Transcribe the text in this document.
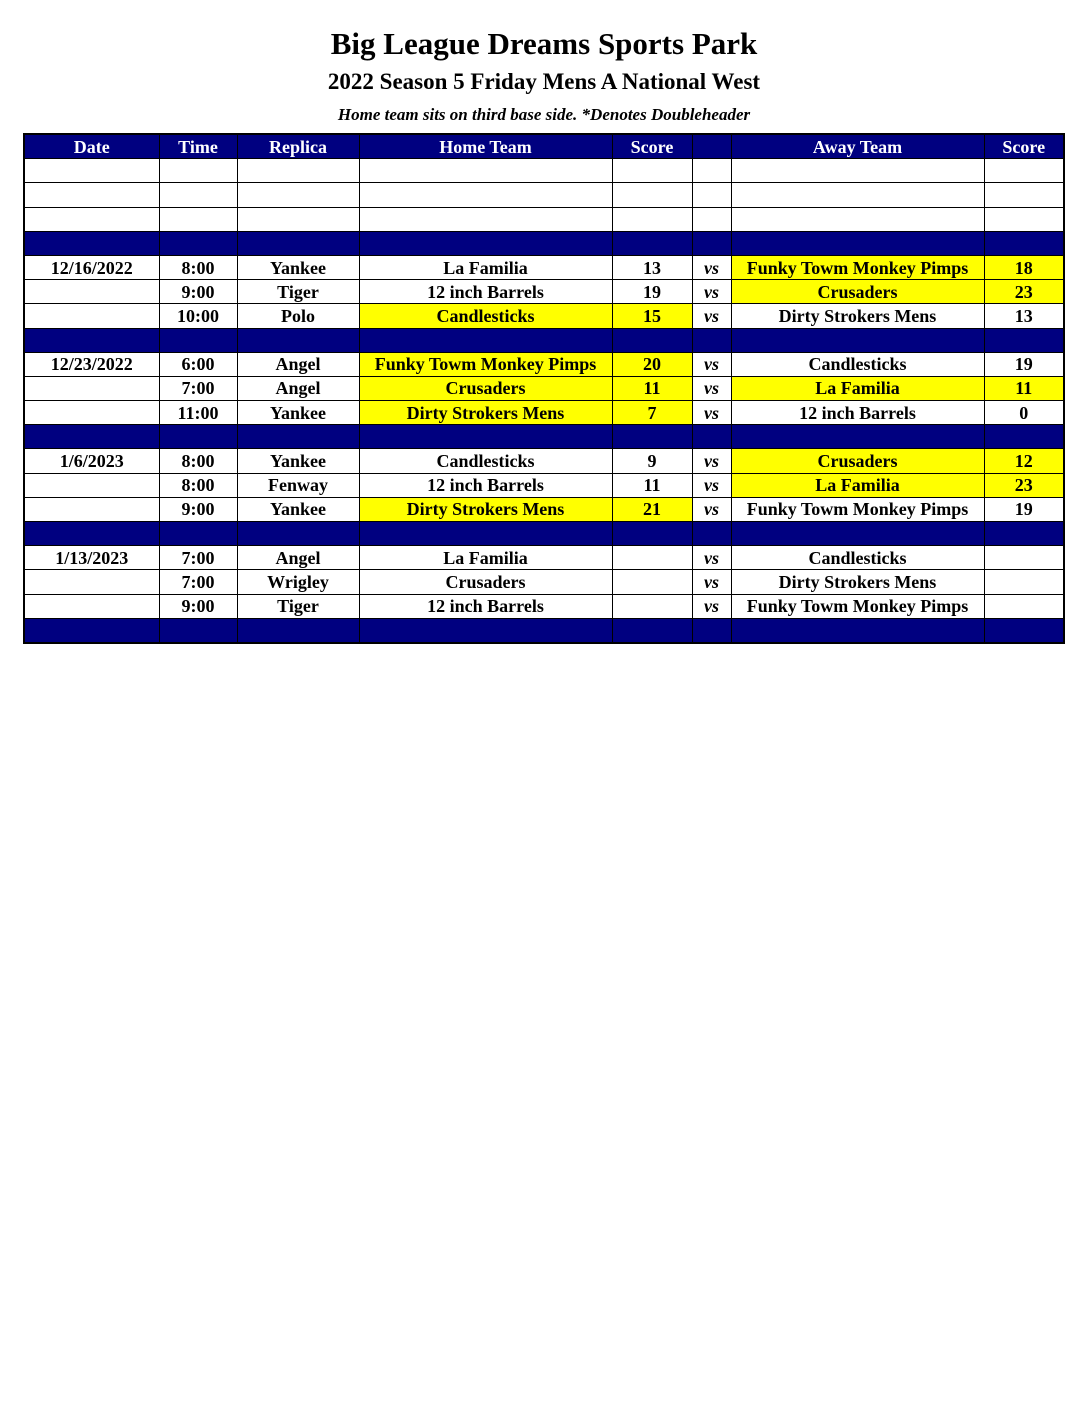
Big League Dreams Sports Park
2022 Season 5 Friday Mens A National West
Home team sits on third base side. *Denotes Doubleheader
Date	Time	Replica	Home Team	Score		Away Team	Score

12/16/2022	8:00	Yankee	La Familia	13	vs	Funky Towm Monkey Pimps	18
	9:00	Tiger	12 inch Barrels	19	vs	Crusaders	23
	10:00	Polo	Candlesticks	15	vs	Dirty Strokers Mens	13

12/23/2022	6:00	Angel	Funky Towm Monkey Pimps	20	vs	Candlesticks	19
	7:00	Angel	Crusaders	11	vs	La Familia	11
	11:00	Yankee	Dirty Strokers Mens	7	vs	12 inch Barrels	0

1/6/2023	8:00	Yankee	Candlesticks	9	vs	Crusaders	12
	8:00	Fenway	12 inch Barrels	11	vs	La Familia	23
	9:00	Yankee	Dirty Strokers Mens	21	vs	Funky Towm Monkey Pimps	19

1/13/2023	7:00	Angel	La Familia		vs	Candlesticks	
	7:00	Wrigley	Crusaders		vs	Dirty Strokers Mens	
	9:00	Tiger	12 inch Barrels		vs	Funky Towm Monkey Pimps	
